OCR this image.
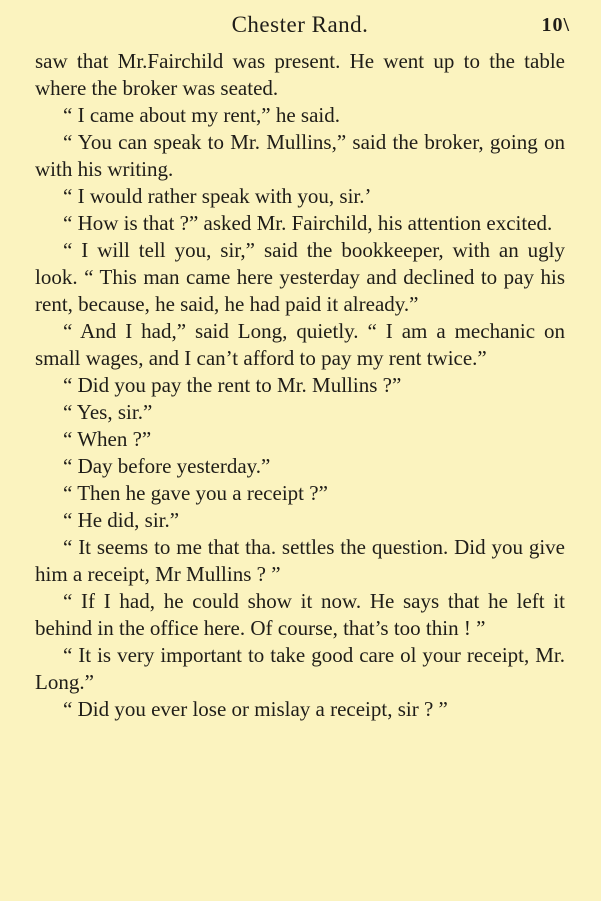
Chester Rand.	10\

saw that Mr.Fairchild was present. He went up to the table where the broker was seated.

“ I came about my rent,” he said.

“ You can speak to Mr. Mullins,” said the broker, going on with his writing.

“ I would rather speak with you, sir.’

“ How is that ?” asked Mr. Fairchild, his attention excited.

“ I will tell you, sir,” said the bookkeeper, with an ugly look. “ This man came here yesterday and declined to pay his rent, because, he said, he had paid it already.”

“ And I had,” said Long, quietly. “ I am a mechanic on small wages, and I can’t afford to pay my rent twice.”

“ Did you pay the rent to Mr. Mullins ?”

“ Yes, sir.”

“ When ?”

“ Day before yesterday.”

“ Then he gave you a receipt ?”

“ He did, sir.”

“ It seems to me that tha. settles the question. Did you give him a receipt, Mr Mullins ? ”

“ If I had, he could show it now. He says that he left it behind in the office here. Of course, that’s too thin ! ”

“ It is very important to take good care ol your receipt, Mr. Long.”

“ Did you ever lose or mislay a receipt, sir ? ”
